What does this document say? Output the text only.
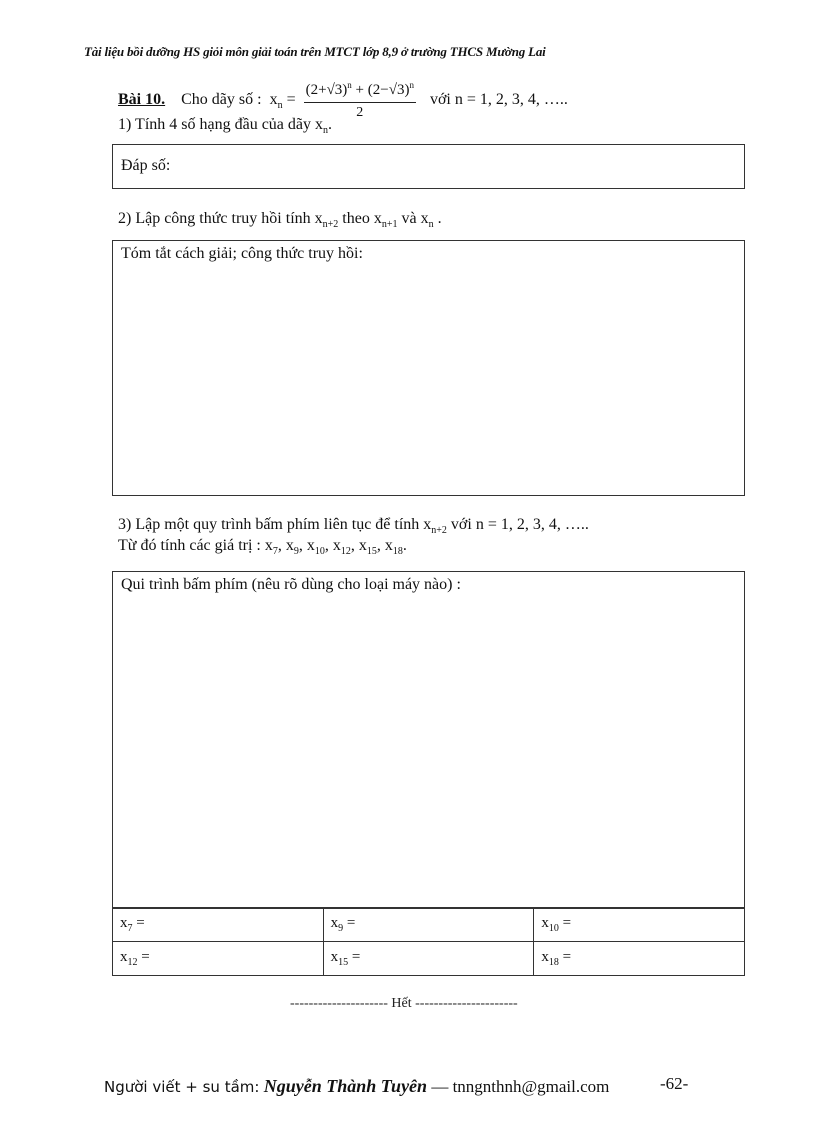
Tài liệu bồi dưỡng HS giỏi môn giải toán trên MTCT lớp 8,9 ở trường THCS Mường Lai
Bài 10. Cho dãy số : $x_n = \frac{(2+√3)^n + (2-√3)^n}{2}$ với n = 1, 2, 3, 4, …..
1) Tính 4 số hạng đầu của dãy $x_n$.
Đáp số:
2) Lập công thức truy hồi tính $x_{n+2}$ theo $x_{n+1}$ và $x_n$ .
Tóm tắt cách giải; công thức truy hồi:
3) Lập một quy trình bấm phím liên tục để tính $x_{n+2}$ với n = 1, 2, 3, 4, …..
Từ đó tính các giá trị : $x_7$, $x_9$, $x_{10}$, $x_{12}$, $x_{15}$, $x_{18}$.
Qui trình bấm phím (nêu rõ dùng cho loại máy nào) :
$x_7$ =	$x_9$ =	$x_{10}$ =
$x_{12}$ =	$x_{15}$ =	$x_{18}$ =
--------------------- Hết ----------------------
Người viết + su tầm: Nguyễn Thành Tuyên — tnngnthnh@gmail.com	-62-
